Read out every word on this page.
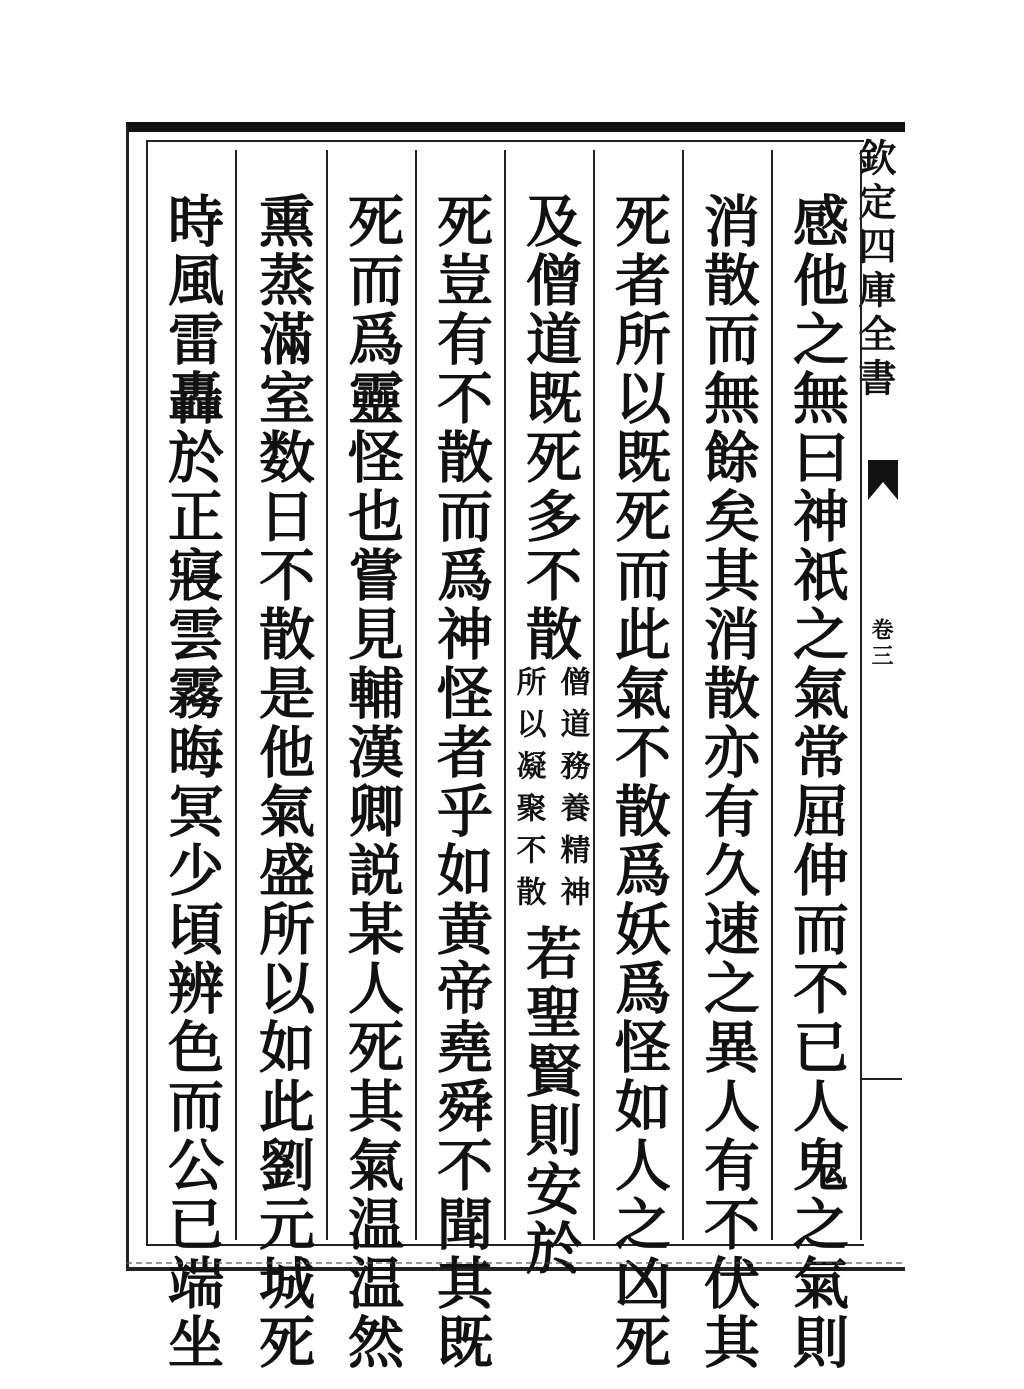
欽定四庫全書
卷三
感他之無曰神祇之氣常屈伸而不已人鬼之氣則
消散而無餘矣其消散亦有久速之異人有不伏其
死者所以既死而此氣不散爲妖爲怪如人之凶死
及僧道既死多不散
僧道務養精神
所以凝聚不散
若聖賢則安於
死豈有不散而爲神怪者乎如黄帝堯舜不聞其既
死而爲靈怪也嘗見輔漢卿説某人死其氣温温然
熏蒸滿室数日不散是他氣盛所以如此劉元城死
時風雷轟於正寢雲霧晦冥少頃辨色而公已端坐
